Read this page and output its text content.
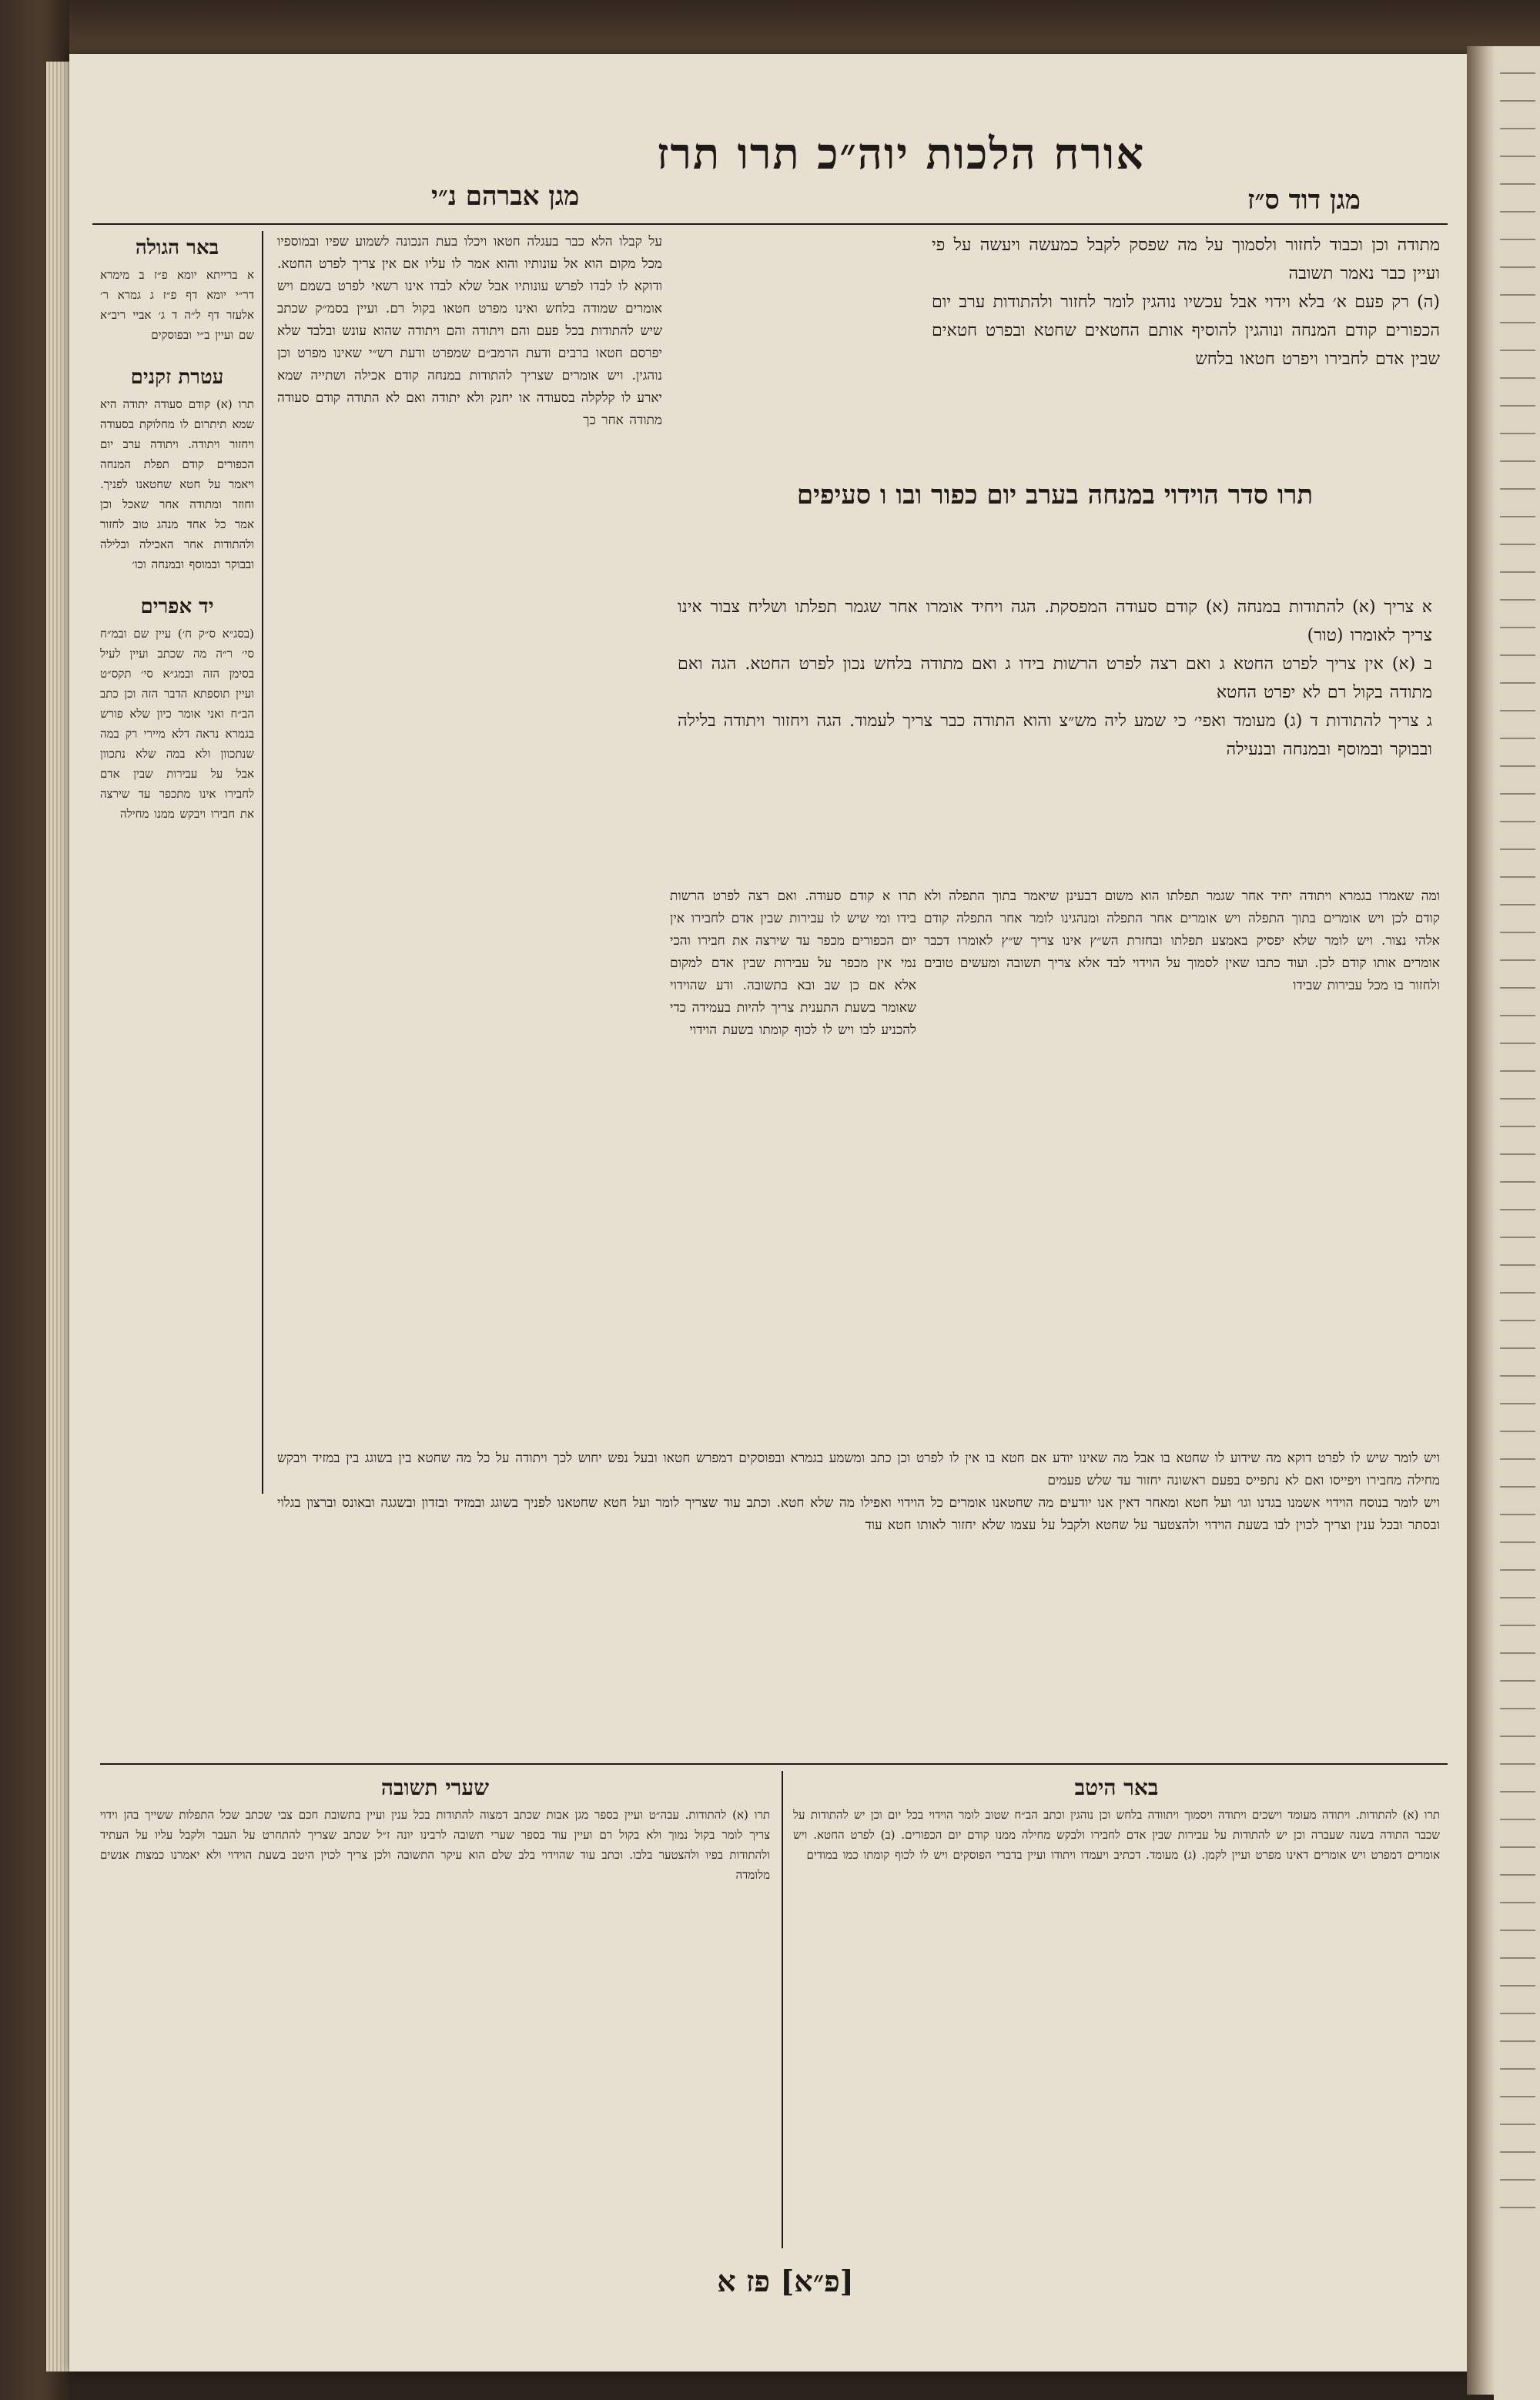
אורח הלכות יוה״כ תרו תרז
מגן דוד ס״ז
מגן אברהם נ״י
באר הגולה
א ברייתא יומא פ״ז ב מימרא דר״י יומא דף פ״ז ג גמרא ר׳ אלעזר דף ל״ה ד ג׳ אביי ריב״א שם ועיין ב״י ובפוסקים
עטרת זקנים
תרו (א) קודם סעודה יתודה היא שמא תיתרום לו מחלוקת בסעודה ויחזור ויתודה. ויתודה ערב יום הכפורים קודם תפלת המנחה ויאמר על חטא שחטאנו לפניך. וחוזר ומתודה אחר שאכל וכן אמר כל אחד מנהג טוב לחזור ולהתודות אחר האכילה ובלילה ובבוקר ובמוסף ובמנחה וכו׳
יד אפרים
(בסג״א ס״ק ח׳) עיין שם ובמ״ח סי׳ ר״ה מה שכתב ועיין לעיל בסימן הזה ובמג״א סי׳ תקס״ט ועיין תוספתא הדבר הזה וכן כתב הב״ח ואני אומר כיון שלא פורש בגמרא נראה דלא מיירי רק במה שנתכוון ולא במה שלא נתכוון אבל על עבירות שבין אדם לחבירו אינו מתכפר עד שירצה את חבירו ויבקש ממנו מחילה
מתודה וכן וכבוד לחזור ולסמוך על מה שפסק לקבל כמעשה ויעשה על פי ועיין כבר נאמר תשובה
(ה) רק פעם א׳ בלא וידוי אבל עכשיו נוהגין לומר לחזור ולהתודות ערב יום הכפורים קודם המנחה ונוהגין להוסיף אותם החטאים שחטא ובפרט חטאים שבין אדם לחבירו ויפרט חטאו בלחש
על קבלו הלא כבר בעגלה חטאו ויכלו בעת הנכונה לשמוע שפיו ובמוספיו מכל מקום הוא אל עונותיו והוא אמר לו עליו אם אין צריך לפרט החטא. ודוקא לו לבדו לפרש עונותיו אבל שלא לבדו אינו רשאי לפרט בשמם ויש אומרים שמודה בלחש ואינו מפרט חטאו בקול רם. ועיין בסמ״ק שכתב שיש להתודות בכל פעם והם ויתודה והם ויתודה שהוא עונש ובלבד שלא יפרסם חטאו ברבים ודעת הרמב״ם שמפרט ודעת רש״י שאינו מפרט וכן נוהגין. ויש אומרים שצריך להתודות במנחה קודם אכילה ושתייה שמא יארע לו קלקלה בסעודה או יחנק ולא יתודה ואם לא התודה קודם סעודה מתודה אחר כך
תרו סדר הוידוי במנחה בערב יום כפור ובו ו סעיפים
א צריך (א) להתודות במנחה (א) קודם סעודה המפסקת. הגה ויחיד אומרו אחר שגמר תפלתו ושליח צבור אינו צריך לאומרו (טור)
ב (א) אין צריך לפרט החטא ג ואם רצה לפרט הרשות בידו ג ואם מתודה בלחש נכון לפרט החטא. הגה ואם מתודה בקול רם לא יפרט החטא
ג צריך להתודות ד (ג) מעומד ואפי׳ כי שמע ליה מש״צ והוא התודה כבר צריך לעמוד. הגה ויחזור ויתודה בלילה ובבוקר ובמוסף ובמנחה ובנעילה
ומה שאמרו בגמרא ויתודה יחיד אחר שגמר תפלתו הוא משום דבעינן שיאמר בתוך התפלה ולא קודם לכן ויש אומרים בתוך התפלה ויש אומרים אחר התפלה ומנהגינו לומר אחר התפלה קודם אלהי נצור. ויש לומר שלא יפסיק באמצע תפלתו ובחזרת הש״ץ אינו צריך ש״ץ לאומרו דכבר אומרים אותו קודם לכן. ועוד כתבו שאין לסמוך על הוידוי לבד אלא צריך תשובה ומעשים טובים ולחזור בו מכל עבירות שבידו
תרו א קודם סעודה. ואם רצה לפרט הרשות בידו ומי שיש לו עבירות שבין אדם לחבירו אין יום הכפורים מכפר עד שירצה את חבירו והכי נמי אין מכפר על עבירות שבין אדם למקום אלא אם כן שב ובא בתשובה. ודע שהוידוי שאומר בשעת התענית צריך להיות בעמידה כדי להכניע לבו ויש לו לכוף קומתו בשעת הוידוי
ויש לומר שיש לו לפרט דוקא מה שידוע לו שחטא בו אבל מה שאינו יודע אם חטא בו אין לו לפרט וכן כתב ומשמע בגמרא ובפוסקים דמפרש חטאו ובעל נפש יחוש לכך ויתודה על כל מה שחטא בין בשוגג בין במזיד ויבקש מחילה מחבירו ויפייסו ואם לא נתפייס בפעם ראשונה יחזור עד שלש פעמים
ויש לומר בנוסח הוידוי אשמנו בגדנו וגו׳ ועל חטא ומאחר דאין אנו יודעים מה שחטאנו אומרים כל הוידוי ואפילו מה שלא חטא. וכתב עוד שצריך לומר ועל חטא שחטאנו לפניך בשוגג ובמזיד ובזדון ובשגגה ובאונס וברצון בגלוי ובסתר ובכל ענין וצריך לכוין לבו בשעת הוידוי ולהצטער על שחטא ולקבל על עצמו שלא יחזור לאותו חטא עוד
באר היטב
תרו (א) להתודות. ויתודה מעומד וישכים ויתודה ויסמוך ויתוודה בלחש וכן נוהגין וכתב הב״ח שטוב לומר הוידוי בכל יום וכן יש להתודות על שכבר התודה בשנה שעברה וכן יש להתודות על עבירות שבין אדם לחבירו ולבקש מחילה ממנו קודם יום הכפורים. (ב) לפרט החטא. ויש אומרים דמפרט ויש אומרים דאינו מפרט ועיין לקמן. (ג) מעומד. דכתיב ויעמדו ויתודו ועיין בדברי הפוסקים ויש לו לכוף קומתו כמו במודים
שערי תשובה
תרו (א) להתודות. עבה״ט ועיין בספר מגן אבות שכתב דמצוה להתודות בכל ענין ועיין בתשובת חכם צבי שכתב שכל התפלות ששייך בהן וידוי צריך לומר בקול נמוך ולא בקול רם ועיין עוד בספר שערי תשובה לרבינו יונה ז״ל שכתב שצריך להתחרט על העבר ולקבל עליו על העתיד ולהתודות בפיו ולהצטער בלבו. וכתב עוד שהוידוי בלב שלם הוא עיקר התשובה ולכן צריך לכוין היטב בשעת הוידוי ולא יאמרנו כמצות אנשים מלומדה
[פ״א] פז א
